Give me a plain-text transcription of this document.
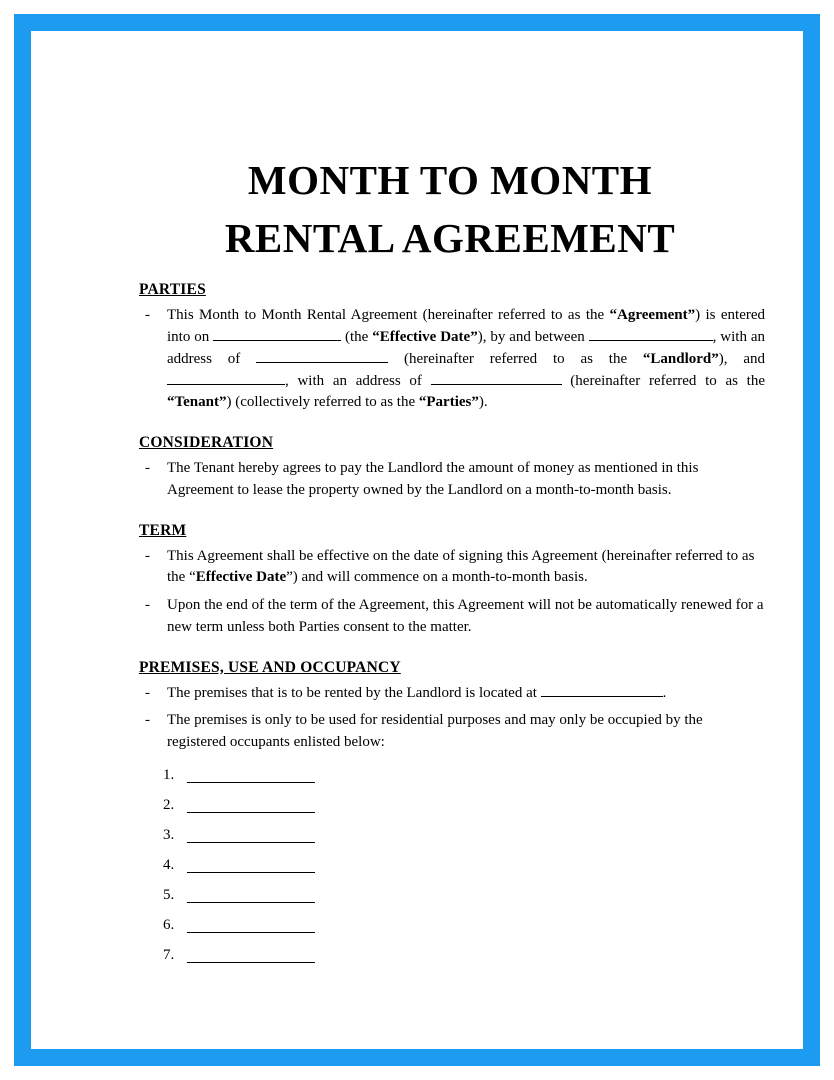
MONTH TO MONTH
RENTAL AGREEMENT
PARTIES
-	This Month to Month Rental Agreement (hereinafter referred to as the “Agreement”) is entered into on	(the “Effective Date”), by and between	, with an address of	(hereinafter referred to as the “Landlord”), and , with an address of	(hereinafter referred to as the “Tenant”) (collectively referred to as the “Parties”).
CONSIDERATION
-	The Tenant hereby agrees to pay the Landlord the amount of money as mentioned in this Agreement to lease the property owned by the Landlord on a month-to-month basis.
TERM
-	This Agreement shall be effective on the date of signing this Agreement (hereinafter referred to as the “Effective Date”) and will commence on a month-to-month basis.
-	Upon the end of the term of the Agreement, this Agreement will not be automatically renewed for a new term unless both Parties consent to the matter.
PREMISES, USE AND OCCUPANCY
-	The premises that is to be rented by the Landlord is located at	.
-	The premises is only to be used for residential purposes and may only be occupied by the registered occupants enlisted below:
1.
2.
3.
4.
5.
6.
7.
